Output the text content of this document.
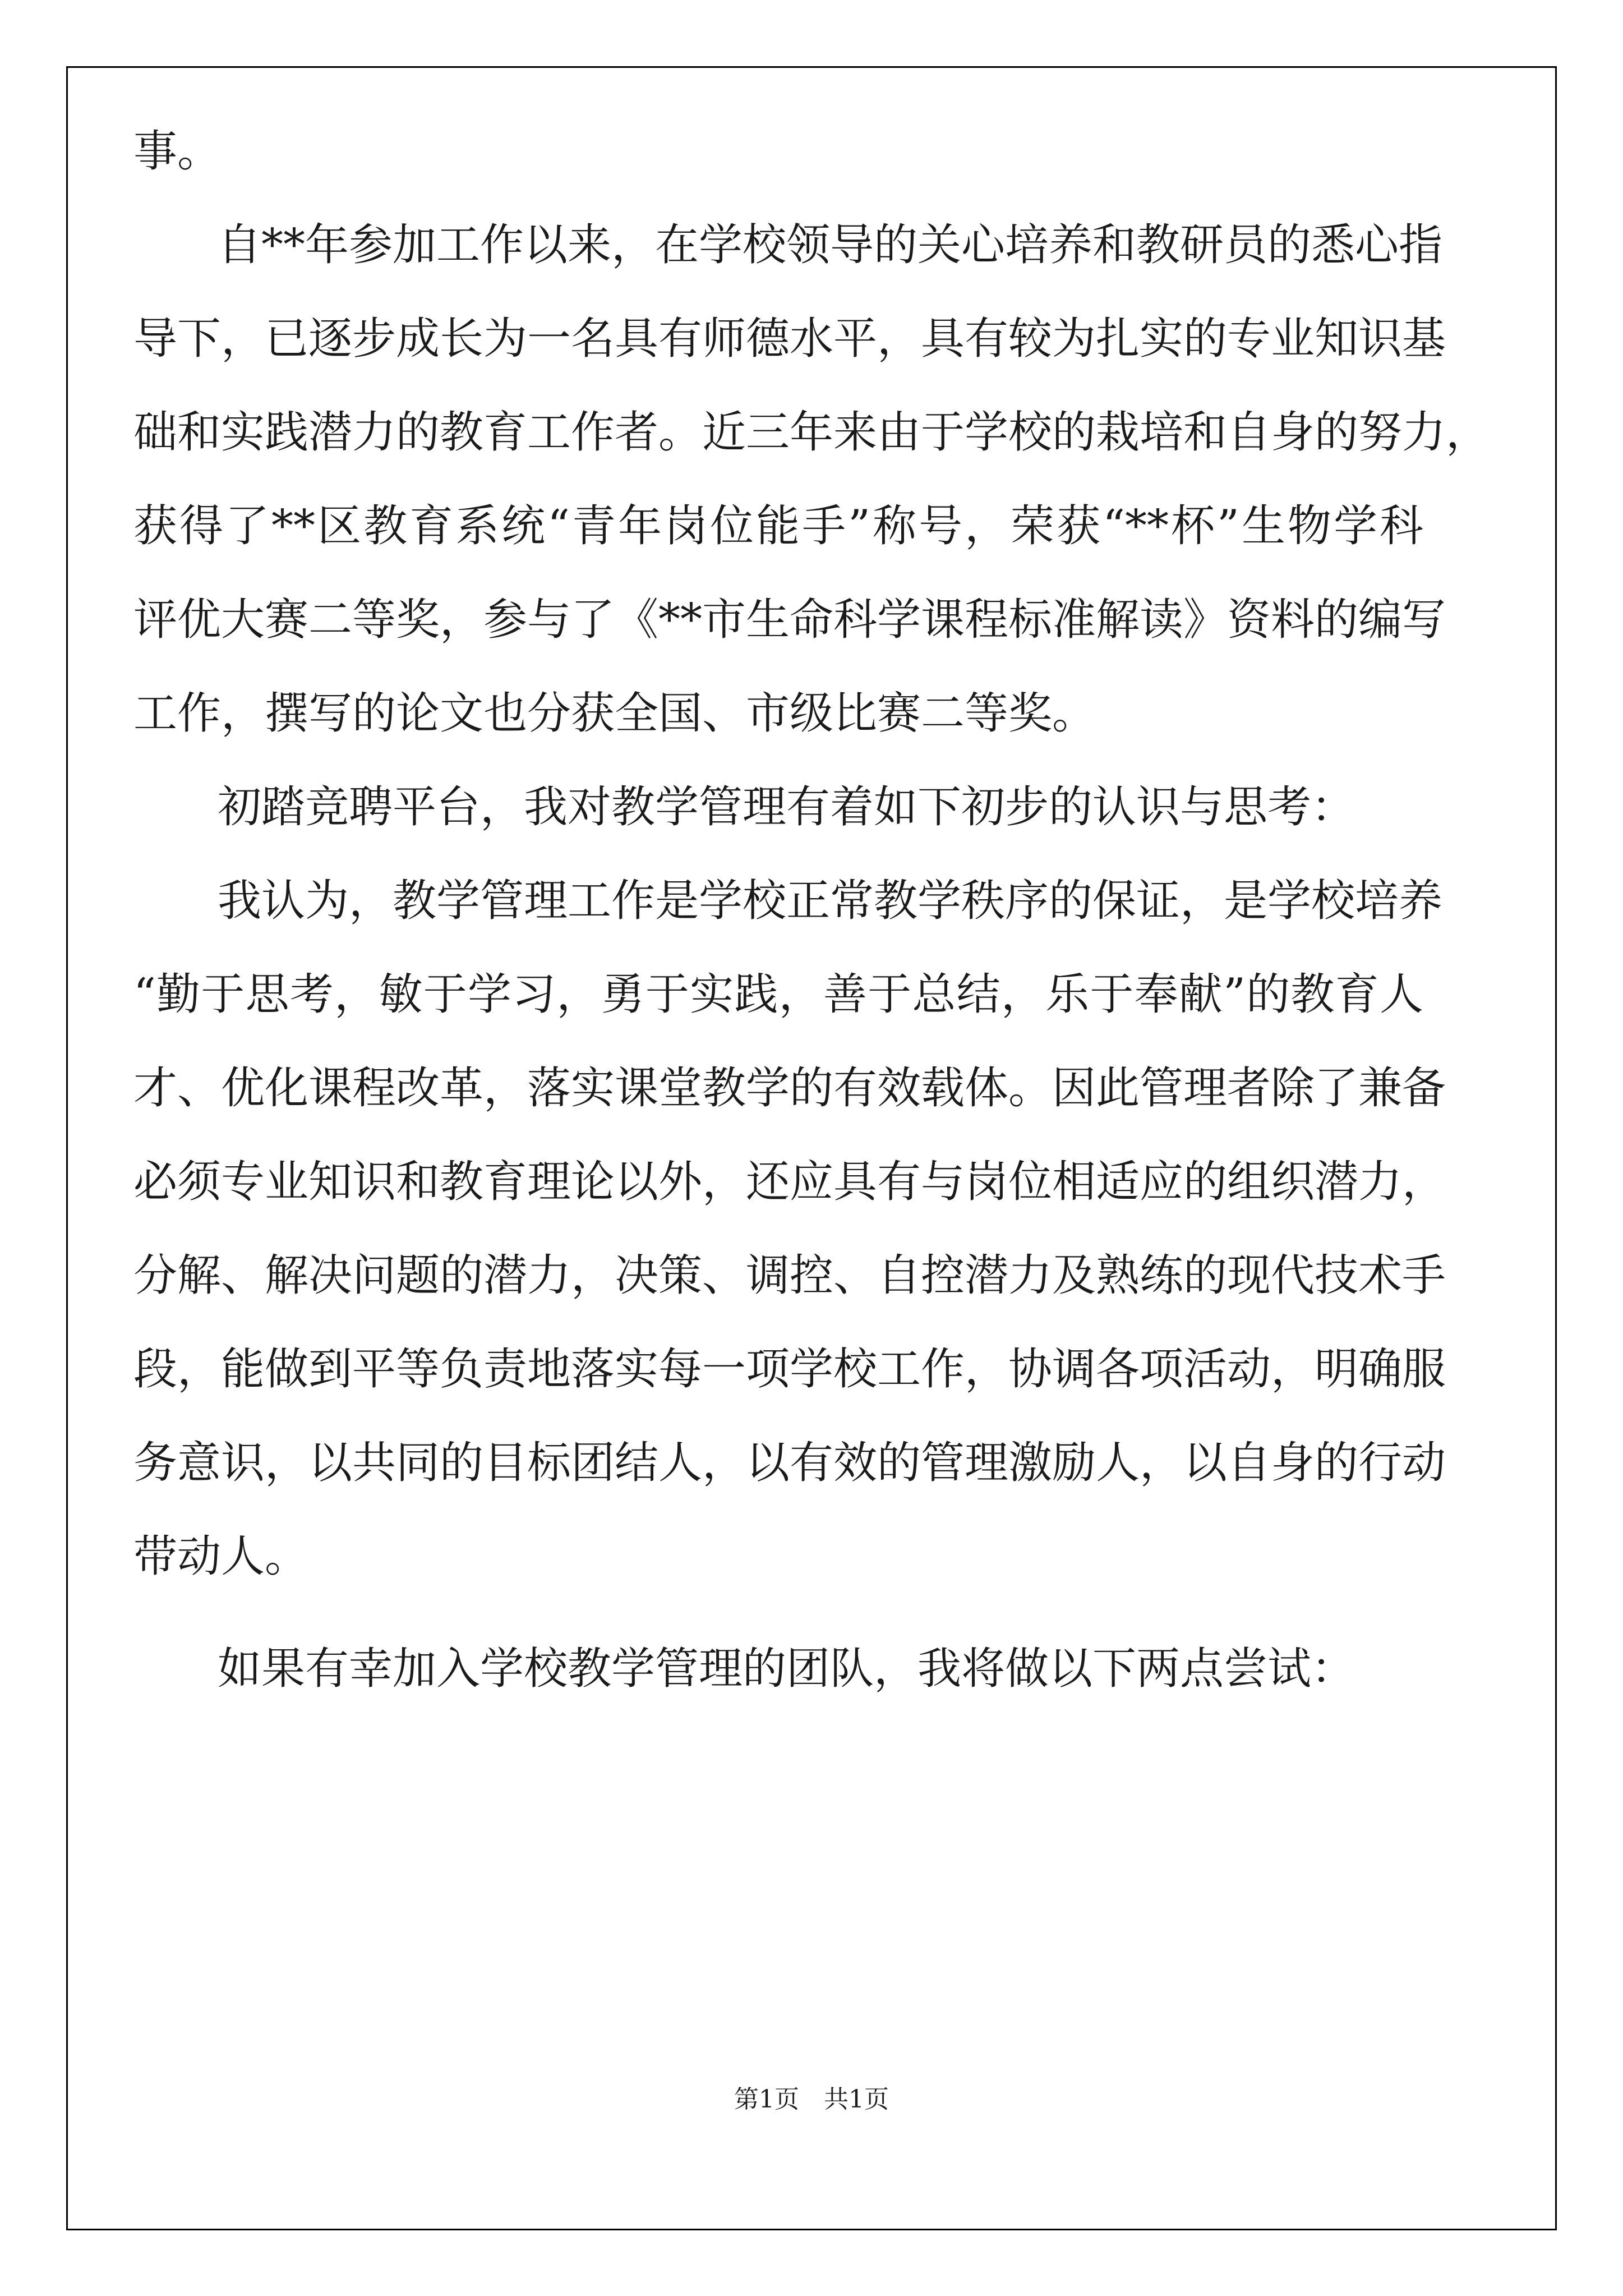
事。
自**年参加工作以来，在学校领导的关心培养和教研员的悉心指
导下，已逐步成长为一名具有师德水平，具有较为扎实的专业知识基
础和实践潜力的教育工作者。近三年来由于学校的栽培和自身的努力，
获得了**区教育系统“青年岗位能手”称号，荣获“**杯”生物学科
评优大赛二等奖，参与了《**市生命科学课程标准解读》资料的编写
工作，撰写的论文也分获全国、市级比赛二等奖。
初踏竞聘平台，我对教学管理有着如下初步的认识与思考：
我认为，教学管理工作是学校正常教学秩序的保证，是学校培养
“勤于思考，敏于学习，勇于实践，善于总结，乐于奉献”的教育人
才、优化课程改革，落实课堂教学的有效载体。因此管理者除了兼备
必须专业知识和教育理论以外，还应具有与岗位相适应的组织潜力，
分解、解决问题的潜力，决策、调控、自控潜力及熟练的现代技术手
段，能做到平等负责地落实每一项学校工作，协调各项活动，明确服
务意识，以共同的目标团结人，以有效的管理激励人，以自身的行动
带动人。
如果有幸加入学校教学管理的团队，我将做以下两点尝试：
第1页　共1页
